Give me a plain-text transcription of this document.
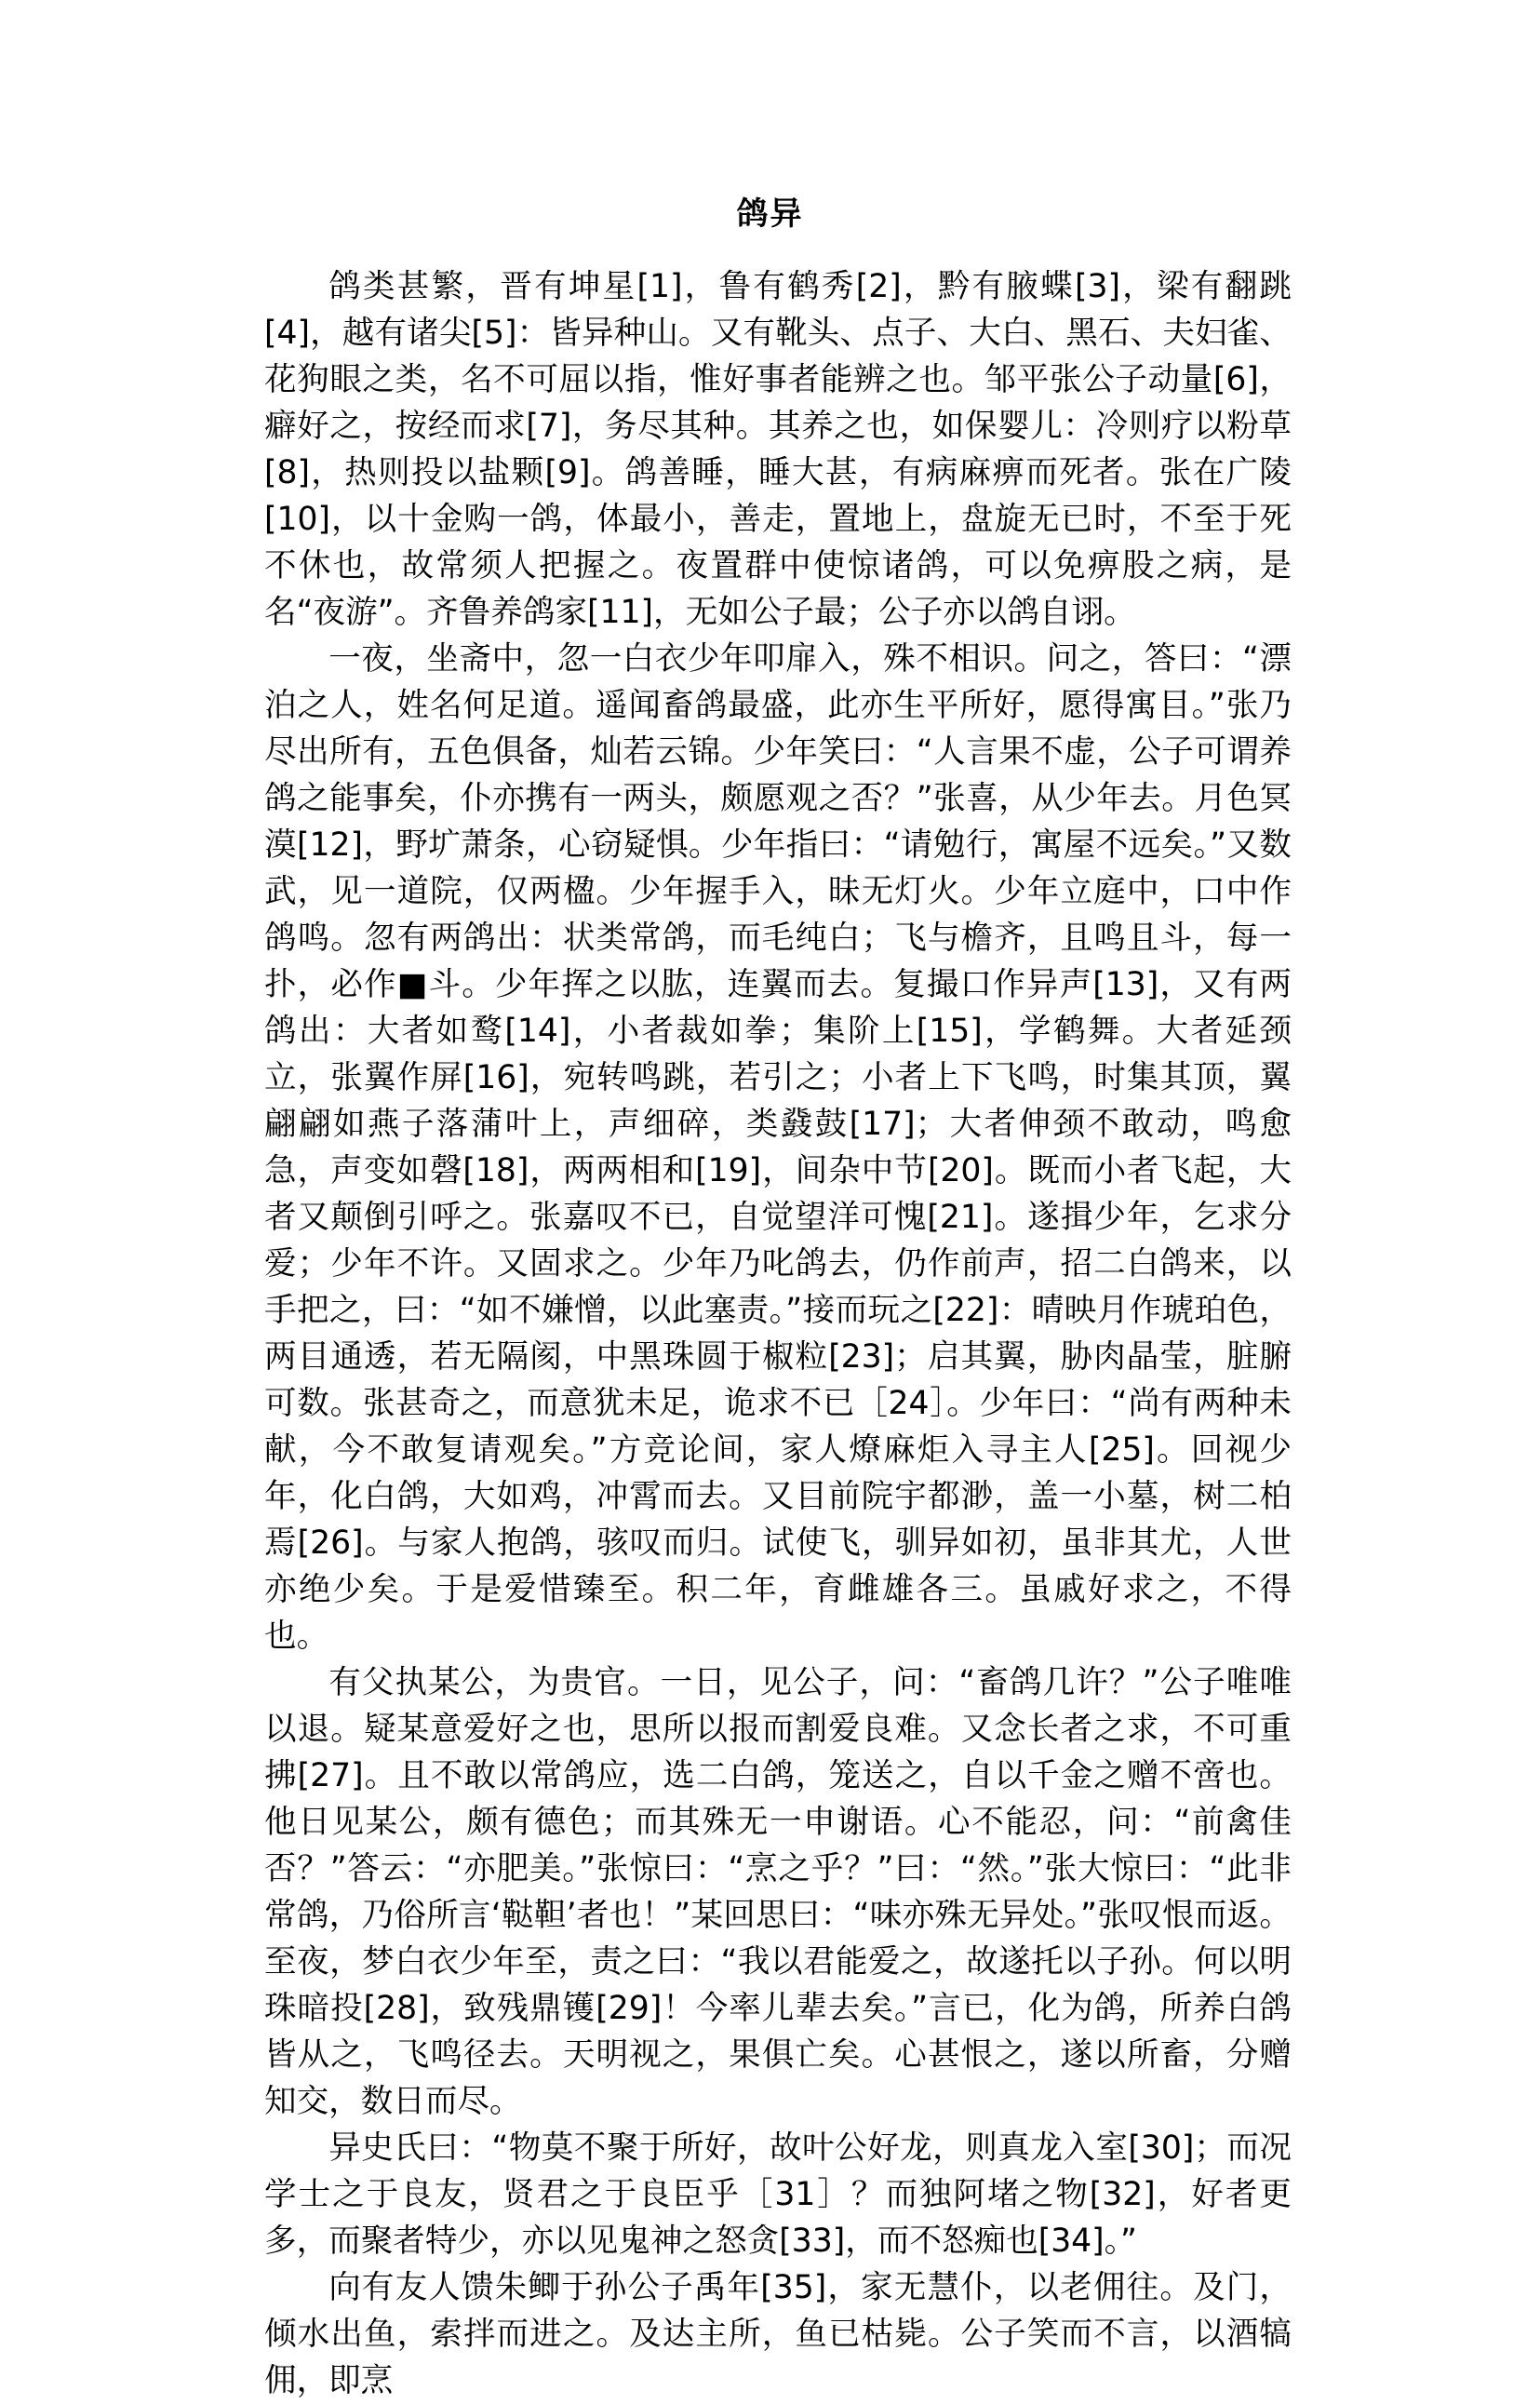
鸽异

鸽类甚繁，晋有坤星[1]，鲁有鹤秀[2]，黔有腋蝶[3]，梁有翻跳[4]，越有诸尖[5]：皆异种山。又有靴头、点子、大白、黑石、夫妇雀、花狗眼之类，名不可屈以指，惟好事者能辨之也。邹平张公子动量[6]，癖好之，按经而求[7]，务尽其种。其养之也，如保婴儿：冷则疗以粉草[8]，热则投以盐颗[9]。鸽善睡，睡大甚，有病麻痹而死者。张在广陵[10]，以十金购一鸽，体最小，善走，置地上，盘旋无已时，不至于死不休也，故常须人把握之。夜置群中使惊诸鸽，可以免痹股之病，是名“夜游”。齐鲁养鸽家[11]，无如公子最；公子亦以鸽自诩。

一夜，坐斋中，忽一白衣少年叩扉入，殊不相识。问之，答曰：“漂泊之人，姓名何足道。遥闻畜鸽最盛，此亦生平所好，愿得寓目。”张乃尽出所有，五色俱备，灿若云锦。少年笑曰：“人言果不虚，公子可谓养鸽之能事矣，仆亦携有一两头，颇愿观之否？”张喜，从少年去。月色冥漠[12]，野圹萧条，心窃疑惧。少年指曰：“请勉行，寓屋不远矣。”又数武，见一道院，仅两楹。少年握手入，昧无灯火。少年立庭中，口中作鸽鸣。忽有两鸽出：状类常鸽，而毛纯白；飞与檐齐，且鸣且斗，每一扑，必作■斗。少年挥之以肱，连翼而去。复撮口作异声[13]，又有两鸽出：大者如鹜[14]，小者裁如拳；集阶上[15]，学鹤舞。大者延颈立，张翼作屏[16]，宛转鸣跳，若引之；小者上下飞鸣，时集其顶，翼翩翩如燕子落蒲叶上，声细碎，类鼗鼓[17]；大者伸颈不敢动，鸣愈急，声变如磬[18]，两两相和[19]，间杂中节[20]。既而小者飞起，大者又颠倒引呼之。张嘉叹不已，自觉望洋可愧[21]。遂揖少年，乞求分爱；少年不许。又固求之。少年乃叱鸽去，仍作前声，招二白鸽来，以手把之，曰：“如不嫌憎，以此塞责。”接而玩之[22]：晴映月作琥珀色，两目通透，若无隔阂，中黑珠圆于椒粒[23]；启其翼，胁肉晶莹，脏腑可数。张甚奇之，而意犹未足，诡求不已［24］。少年曰：“尚有两种未献，今不敢复请观矣。”方竞论间，家人燎麻炬入寻主人[25]。回视少年，化白鸽，大如鸡，冲霄而去。又目前院宇都渺，盖一小墓，树二柏焉[26]。与家人抱鸽，骇叹而归。试使飞，驯异如初，虽非其尤，人世亦绝少矣。于是爱惜臻至。积二年，育雌雄各三。虽戚好求之，不得也。

有父执某公，为贵官。一日，见公子，问：“畜鸽几许？”公子唯唯以退。疑某意爱好之也，思所以报而割爱良难。又念长者之求，不可重拂[27]。且不敢以常鸽应，选二白鸽，笼送之，自以千金之赠不啻也。他日见某公，颇有德色；而其殊无一申谢语。心不能忍，问：“前禽佳否？”答云：“亦肥美。”张惊曰：“烹之乎？”曰：“然。”张大惊曰：“此非常鸽，乃俗所言‘鞑靼’者也！”某回思曰：“味亦殊无异处。”张叹恨而返。至夜，梦白衣少年至，责之曰：“我以君能爱之，故遂托以子孙。何以明珠暗投[28]，致残鼎镬[29]！今率儿辈去矣。”言已，化为鸽，所养白鸽皆从之，飞鸣径去。天明视之，果俱亡矣。心甚恨之，遂以所畜，分赠知交，数日而尽。

异史氏曰：“物莫不聚于所好，故叶公好龙，则真龙入室[30]；而况学士之于良友，贤君之于良臣乎［31］？而独阿堵之物[32]，好者更多，而聚者特少，亦以见鬼神之怒贪[33]，而不怒痴也[34]。”

向有友人馈朱鲫于孙公子禹年[35]，家无慧仆，以老佣往。及门，倾水出鱼，索拌而进之。及达主所，鱼已枯毙。公子笑而不言，以酒犒佣，即烹
